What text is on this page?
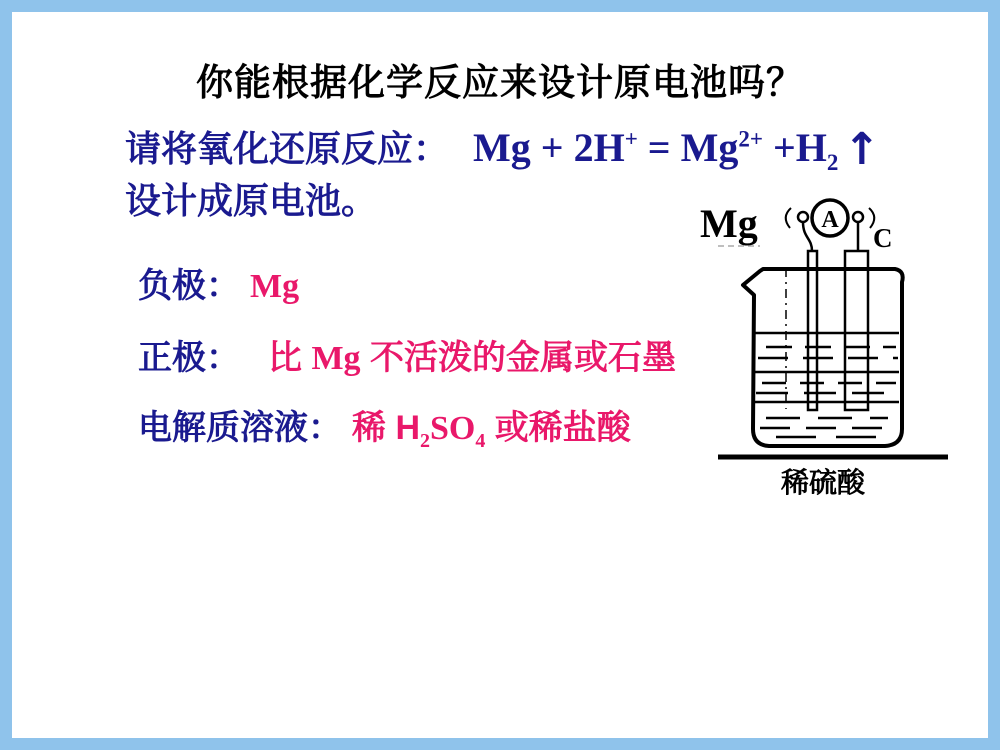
你能根据化学反应来设计原电池吗？
请将氧化还原反应： $Mg + 2H^+ = Mg^{2+} +H_2$ ↑
设计成原电池。
Mg
负极： Mg
正极： 比 Mg 不活泼的金属或石墨
电解质溶液： 稀 $H_2SO_4$ 或稀盐酸
A
C
稀硫酸
